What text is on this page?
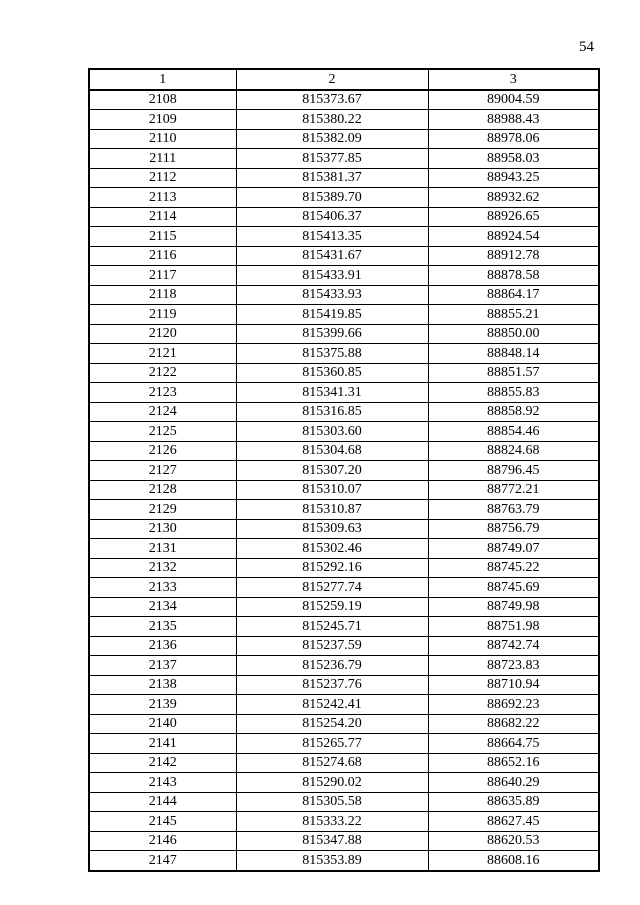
54
1	2	3
2108	815373.67	89004.59
2109	815380.22	88988.43
2110	815382.09	88978.06
2111	815377.85	88958.03
2112	815381.37	88943.25
2113	815389.70	88932.62
2114	815406.37	88926.65
2115	815413.35	88924.54
2116	815431.67	88912.78
2117	815433.91	88878.58
2118	815433.93	88864.17
2119	815419.85	88855.21
2120	815399.66	88850.00
2121	815375.88	88848.14
2122	815360.85	88851.57
2123	815341.31	88855.83
2124	815316.85	88858.92
2125	815303.60	88854.46
2126	815304.68	88824.68
2127	815307.20	88796.45
2128	815310.07	88772.21
2129	815310.87	88763.79
2130	815309.63	88756.79
2131	815302.46	88749.07
2132	815292.16	88745.22
2133	815277.74	88745.69
2134	815259.19	88749.98
2135	815245.71	88751.98
2136	815237.59	88742.74
2137	815236.79	88723.83
2138	815237.76	88710.94
2139	815242.41	88692.23
2140	815254.20	88682.22
2141	815265.77	88664.75
2142	815274.68	88652.16
2143	815290.02	88640.29
2144	815305.58	88635.89
2145	815333.22	88627.45
2146	815347.88	88620.53
2147	815353.89	88608.16
